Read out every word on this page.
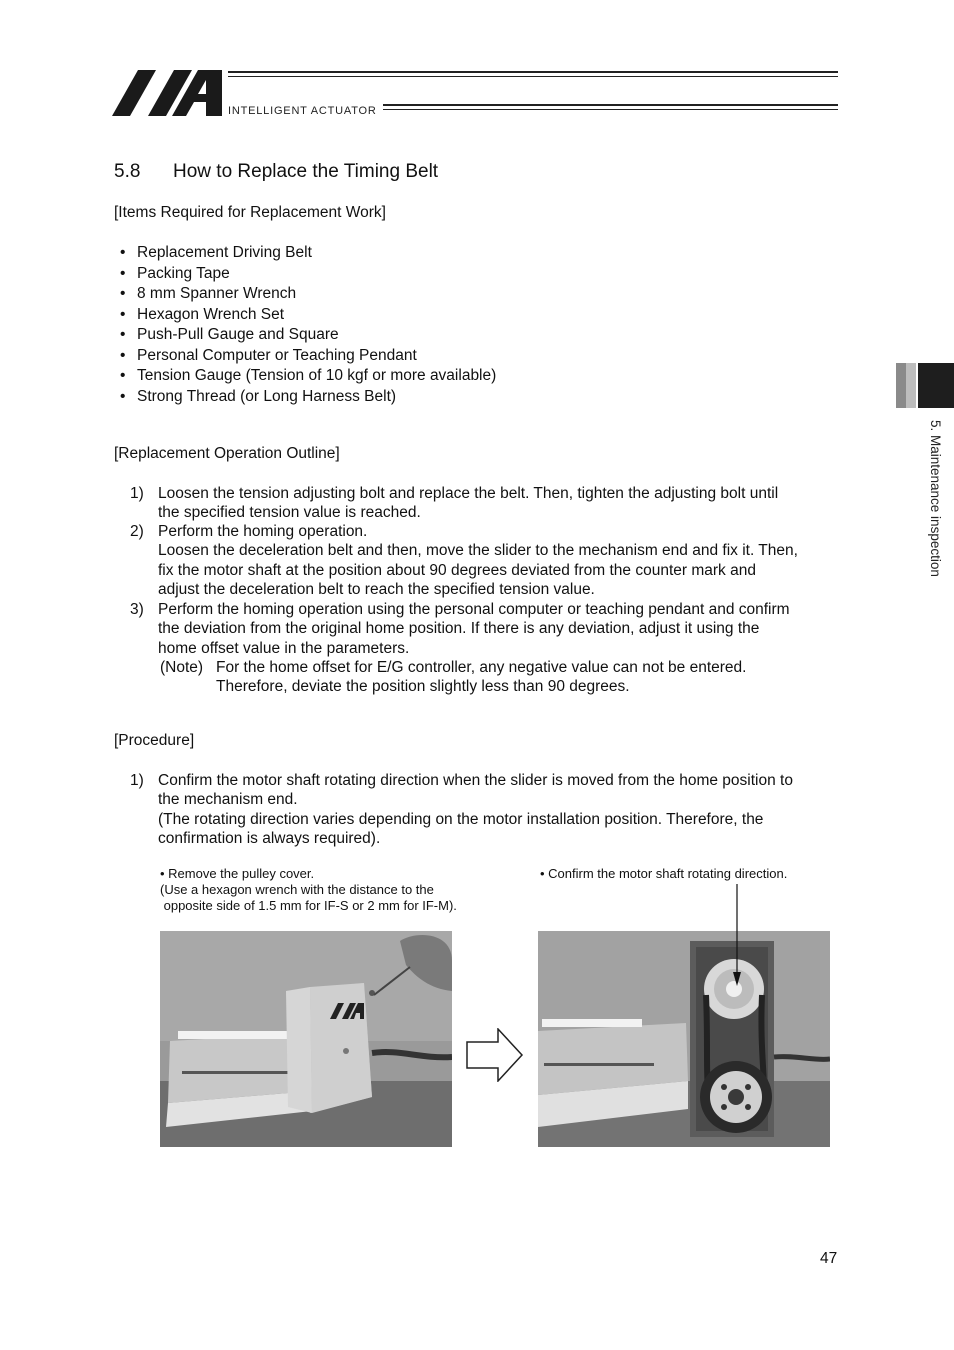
INTELLIGENT ACTUATOR
5.8 How to Replace the Timing Belt
[Items Required for Replacement Work]
• Replacement Driving Belt
• Packing Tape
• 8 mm Spanner Wrench
• Hexagon Wrench Set
• Push-Pull Gauge and Square
• Personal Computer or Teaching Pendant
• Tension Gauge (Tension of 10 kgf or more available)
• Strong Thread (or Long Harness Belt)
[Replacement Operation Outline]
1) Loosen the tension adjusting bolt and replace the belt. Then, tighten the adjusting bolt until
the specified tension value is reached.
2) Perform the homing operation.
Loosen the deceleration belt and then, move the slider to the mechanism end and fix it. Then,
fix the motor shaft at the position about 90 degrees deviated from the counter mark and
adjust the deceleration belt to reach the specified tension value.
3) Perform the homing operation using the personal computer or teaching pendant and confirm
the deviation from the original home position. If there is any deviation, adjust it using the
home offset value in the parameters.
(Note) For the home offset for E/G controller, any negative value can not be entered.
Therefore, deviate the position slightly less than 90 degrees.
[Procedure]
1) Confirm the motor shaft rotating direction when the slider is moved from the home position to
the mechanism end.
(The rotating direction varies depending on the motor installation position. Therefore, the
confirmation is always required).
• Remove the pulley cover.
(Use a hexagon wrench with the distance to the
opposite side of 1.5 mm for IF-S or 2 mm for IF-M).
• Confirm the motor shaft rotating direction.
5. Maintenance inspection
47
